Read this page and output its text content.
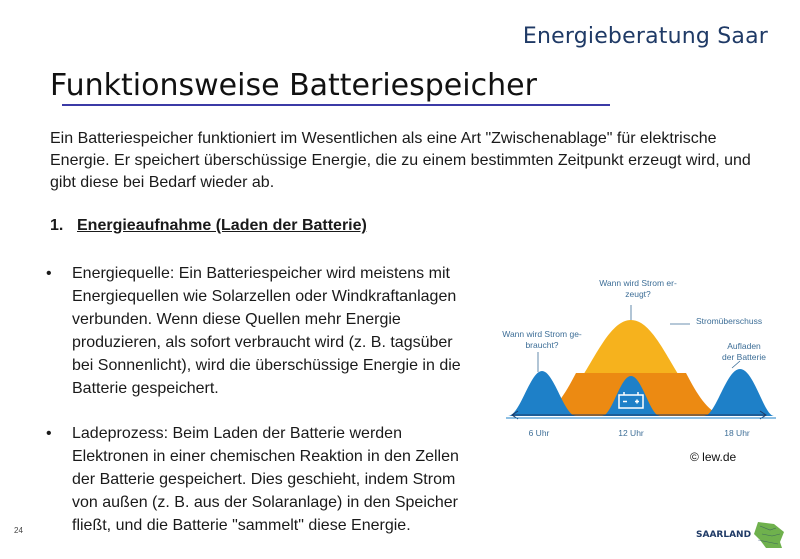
Energieberatung Saar
Funktionsweise Batteriespeicher

Ein Batteriespeicher funktioniert im Wesentlichen als eine Art "Zwischenablage" für elektrische Energie. Er speichert überschüssige Energie, die zu einem bestimmten Zeitpunkt erzeugt wird, und gibt diese bei Bedarf wieder ab.

1. Energieaufnahme (Laden der Batterie)
• Energiequelle: Ein Batteriespeicher wird meistens mit Energiequellen wie Solarzellen oder Windkraftanlagen verbunden. Wenn diese Quellen mehr Energie produzieren, als sofort verbraucht wird (z. B. tagsüber bei Sonnenlicht), wird die überschüssige Energie in die Batterie gespeichert.
• Ladeprozess: Beim Laden der Batterie werden Elektronen in einer chemischen Reaktion in den Zellen der Batterie gespeichert. Dies geschieht, indem Strom von außen (z. B. aus der Solaranlage) in den Speicher fließt, und die Batterie "sammelt" diese Energie.
Wann wird Strom er-
zeugt?
Wann wird Strom ge-
braucht?
Stromüberschuss
Aufladen
der Batterie
6 Uhr	12 Uhr	18 Uhr
© lew.de
24	SAARLAND
